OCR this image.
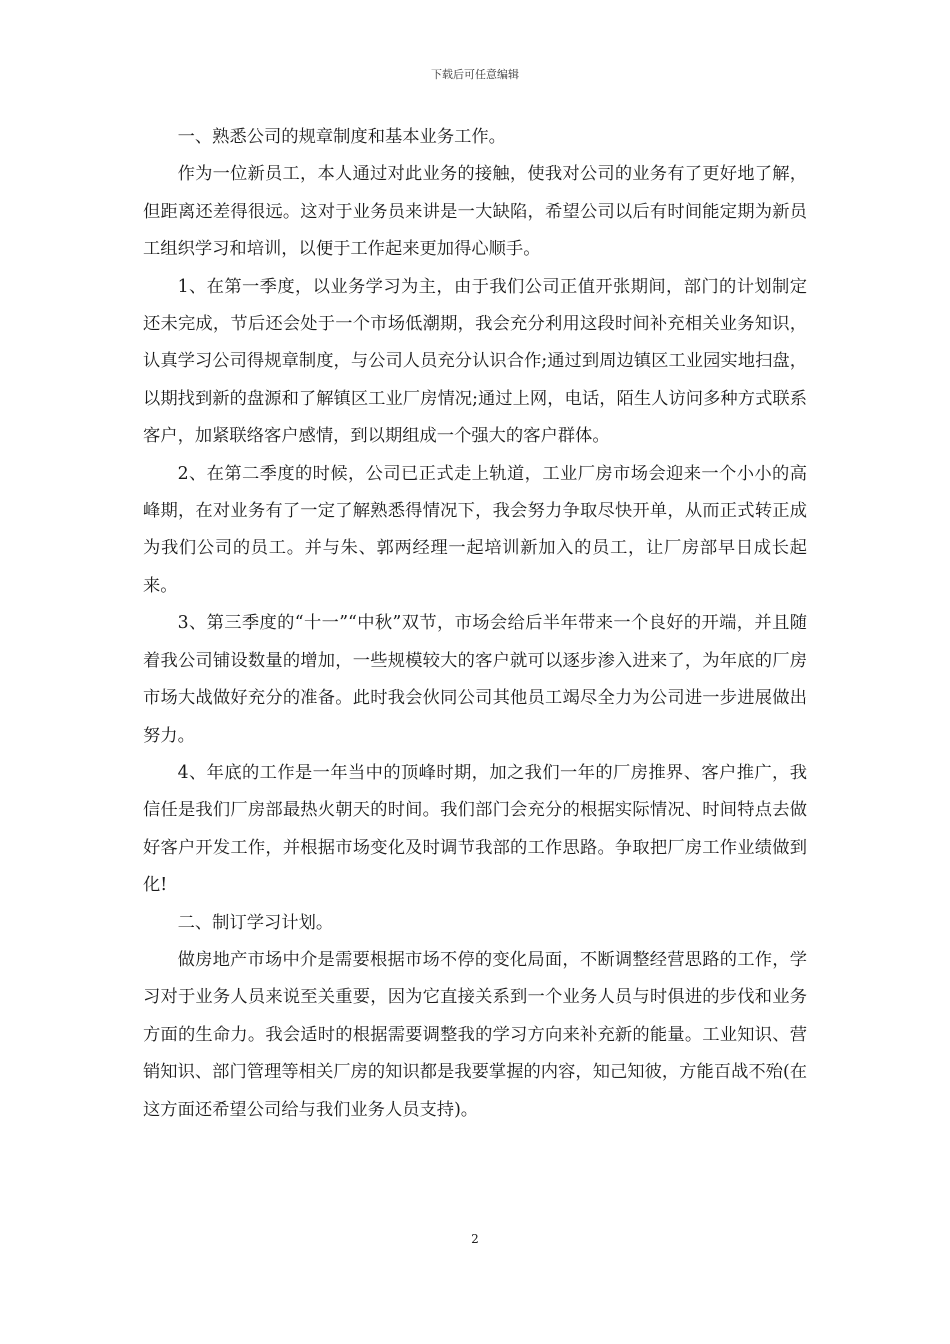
下载后可任意编辑

一、熟悉公司的规章制度和基本业务工作。

作为一位新员工，本人通过对此业务的接触，使我对公司的业务有了更好地了解，但距离还差得很远。这对于业务员来讲是一大缺陷，希望公司以后有时间能定期为新员工组织学习和培训，以便于工作起来更加得心顺手。

1、在第一季度，以业务学习为主，由于我们公司正值开张期间，部门的计划制定还未完成，节后还会处于一个市场低潮期，我会充分利用这段时间补充相关业务知识，认真学习公司得规章制度，与公司人员充分认识合作;通过到周边镇区工业园实地扫盘，以期找到新的盘源和了解镇区工业厂房情况;通过上网，电话，陌生人访问多种方式联系客户，加紧联络客户感情，到以期组成一个强大的客户群体。

2、在第二季度的时候，公司已正式走上轨道，工业厂房市场会迎来一个小小的高峰期，在对业务有了一定了解熟悉得情况下，我会努力争取尽快开单，从而正式转正成为我们公司的员工。并与朱、郭两经理一起培训新加入的员工，让厂房部早日成长起来。

3、第三季度的“十一”“中秋”双节，市场会给后半年带来一个良好的开端，并且随着我公司铺设数量的增加，一些规模较大的客户就可以逐步渗入进来了，为年底的厂房市场大战做好充分的准备。此时我会伙同公司其他员工竭尽全力为公司进一步进展做出努力。

4、年底的工作是一年当中的顶峰时期，加之我们一年的厂房推界、客户推广，我信任是我们厂房部最热火朝天的时间。我们部门会充分的根据实际情况、时间特点去做好客户开发工作，并根据市场变化及时调节我部的工作思路。争取把厂房工作业绩做到化!

二、制订学习计划。

做房地产市场中介是需要根据市场不停的变化局面，不断调整经营思路的工作，学习对于业务人员来说至关重要，因为它直接关系到一个业务人员与时俱进的步伐和业务方面的生命力。我会适时的根据需要调整我的学习方向来补充新的能量。工业知识、营销知识、部门管理等相关厂房的知识都是我要掌握的内容，知己知彼，方能百战不殆(在这方面还希望公司给与我们业务人员支持)。

2
